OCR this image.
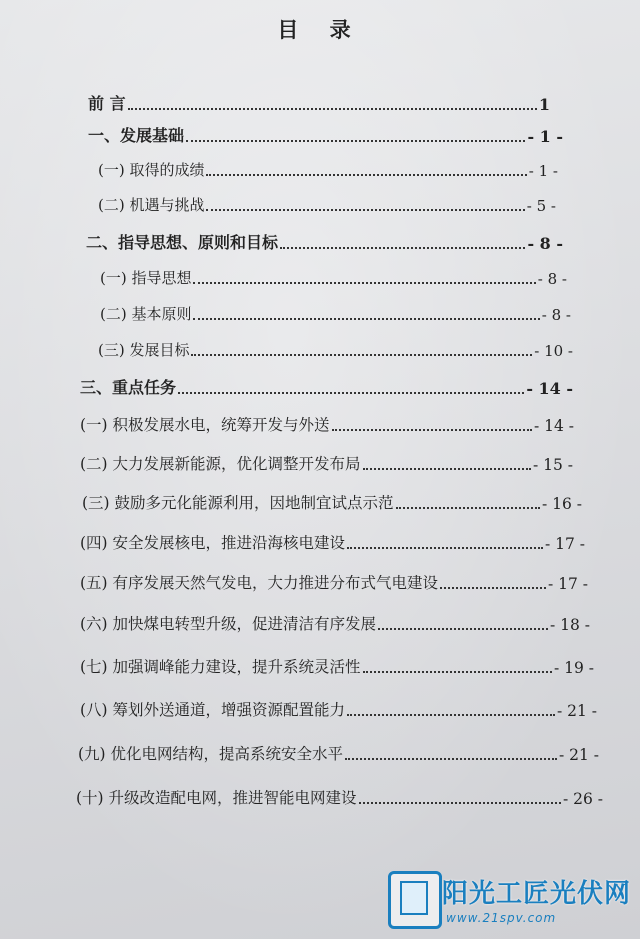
目 录
前 言	1
一、发展基础	- 1 -
(一) 取得的成绩	- 1 -
(二) 机遇与挑战	- 5 -
二、指导思想、原则和目标	- 8 -
(一) 指导思想	- 8 -
(二) 基本原则	- 8 -
(三) 发展目标	- 10 -
三、重点任务	- 14 -
(一) 积极发展水电，统筹开发与外送	- 14 -
(二) 大力发展新能源，优化调整开发布局	- 15 -
(三) 鼓励多元化能源利用，因地制宜试点示范	- 16 -
(四) 安全发展核电，推进沿海核电建设	- 17 -
(五) 有序发展天然气发电，大力推进分布式气电建设	- 17 -
(六) 加快煤电转型升级，促进清洁有序发展	- 18 -
(七) 加强调峰能力建设，提升系统灵活性	- 19 -
(八) 筹划外送通道，增强资源配置能力	- 21 -
(九) 优化电网结构，提高系统安全水平	- 21 -
(十) 升级改造配电网，推进智能电网建设	- 26 -
阳光工匠光伏网
www.21spv.com
